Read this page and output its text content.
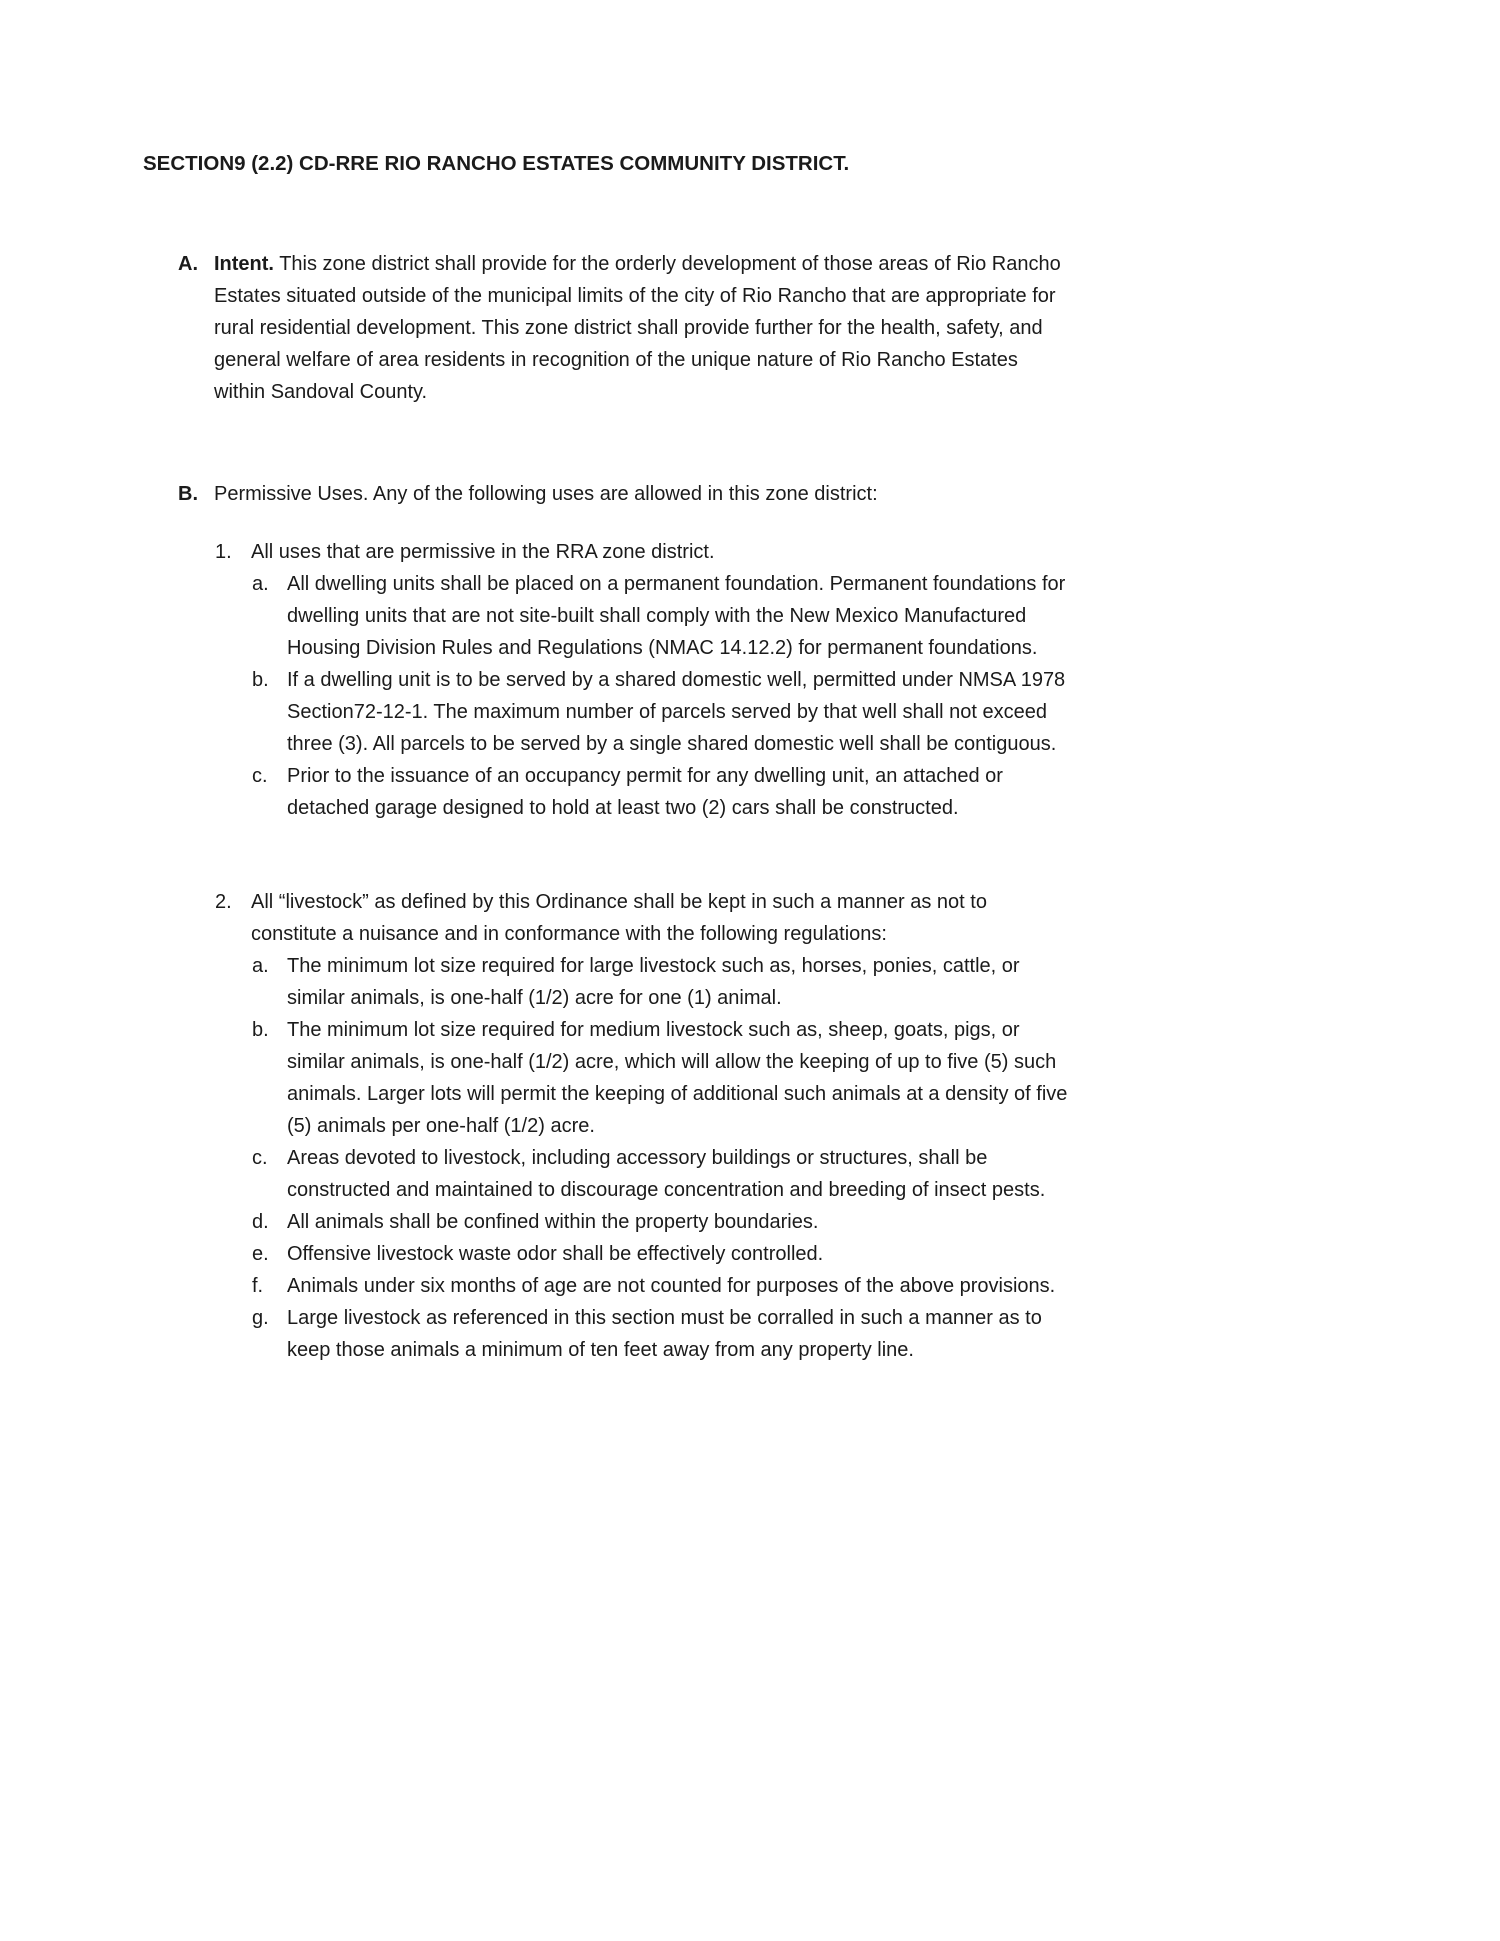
SECTION9 (2.2) CD-RRE RIO RANCHO ESTATES COMMUNITY DISTRICT.
A. Intent. This zone district shall provide for the orderly development of those areas of Rio Rancho Estates situated outside of the municipal limits of the city of Rio Rancho that are appropriate for rural residential development. This zone district shall provide further for the health, safety, and general welfare of area residents in recognition of the unique nature of Rio Rancho Estates within Sandoval County.

B. Permissive Uses. Any of the following uses are allowed in this zone district:

1. All uses that are permissive in the RRA zone district.

a. All dwelling units shall be placed on a permanent foundation. Permanent foundations for dwelling units that are not site-built shall comply with the New Mexico Manufactured Housing Division Rules and Regulations (NMAC 14.12.2) for permanent foundations.

b. If a dwelling unit is to be served by a shared domestic well, permitted under NMSA 1978 Section72-12-1. The maximum number of parcels served by that well shall not exceed three (3). All parcels to be served by a single shared domestic well shall be contiguous.

c. Prior to the issuance of an occupancy permit for any dwelling unit, an attached or detached garage designed to hold at least two (2) cars shall be constructed.

2. All “livestock” as defined by this Ordinance shall be kept in such a manner as not to constitute a nuisance and in conformance with the following regulations:

a. The minimum lot size required for large livestock such as, horses, ponies, cattle, or similar animals, is one-half (1/2) acre for one (1) animal.

b. The minimum lot size required for medium livestock such as, sheep, goats, pigs, or similar animals, is one-half (1/2) acre, which will allow the keeping of up to five (5) such animals. Larger lots will permit the keeping of additional such animals at a density of five (5) animals per one-half (1/2) acre.

c. Areas devoted to livestock, including accessory buildings or structures, shall be constructed and maintained to discourage concentration and breeding of insect pests.

d. All animals shall be confined within the property boundaries.

e. Offensive livestock waste odor shall be effectively controlled.

f.	Animals under six months of age are not counted for purposes of the above provisions.

g. Large livestock as referenced in this section must be corralled in such a manner as to keep those animals a minimum of ten feet away from any property line.
